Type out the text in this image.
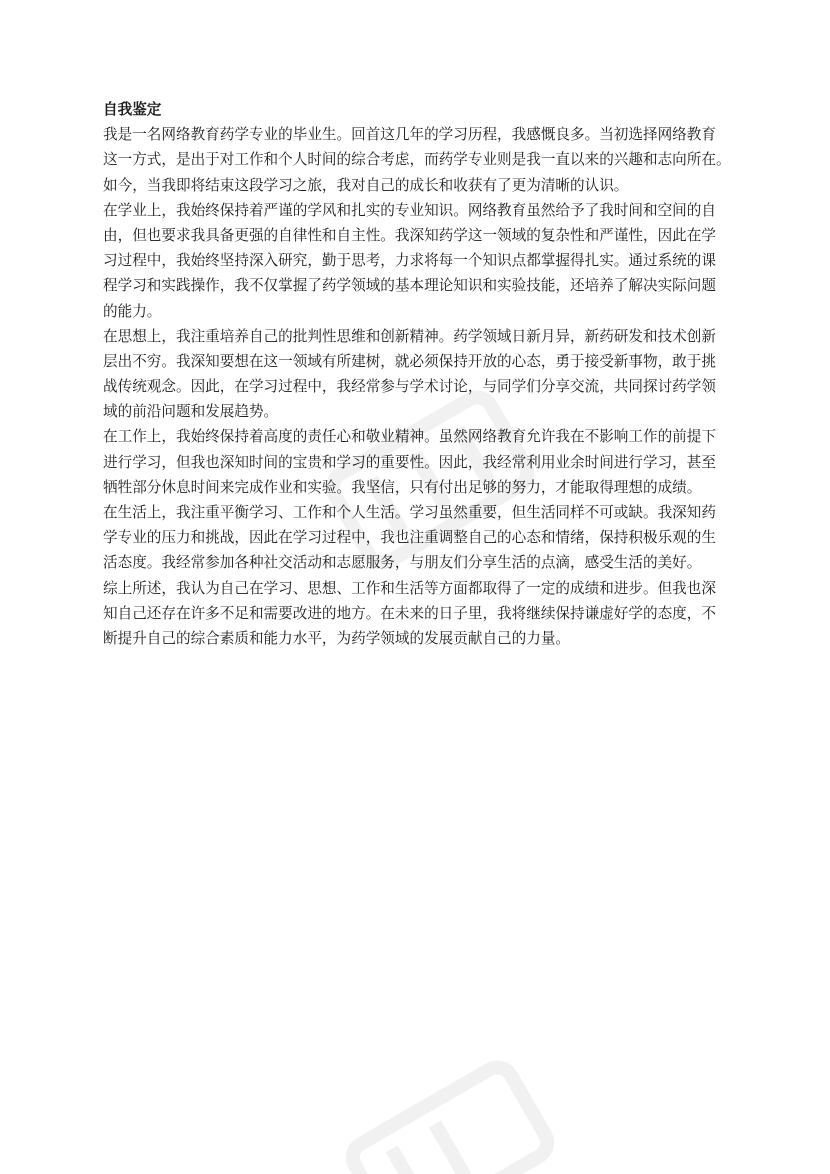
自我鉴定
我是一名网络教育药学专业的毕业生。回首这几年的学习历程，我感慨良多。当初选择网络教育
这一方式，是出于对工作和个人时间的综合考虑，而药学专业则是我一直以来的兴趣和志向所在。
如今，当我即将结束这段学习之旅，我对自己的成长和收获有了更为清晰的认识。
在学业上，我始终保持着严谨的学风和扎实的专业知识。网络教育虽然给予了我时间和空间的自
由，但也要求我具备更强的自律性和自主性。我深知药学这一领域的复杂性和严谨性，因此在学
习过程中，我始终坚持深入研究，勤于思考，力求将每一个知识点都掌握得扎实。通过系统的课
程学习和实践操作，我不仅掌握了药学领域的基本理论知识和实验技能，还培养了解决实际问题
的能力。
在思想上，我注重培养自己的批判性思维和创新精神。药学领域日新月异，新药研发和技术创新
层出不穷。我深知要想在这一领域有所建树，就必须保持开放的心态，勇于接受新事物，敢于挑
战传统观念。因此，在学习过程中，我经常参与学术讨论，与同学们分享交流，共同探讨药学领
域的前沿问题和发展趋势。
在工作上，我始终保持着高度的责任心和敬业精神。虽然网络教育允许我在不影响工作的前提下
进行学习，但我也深知时间的宝贵和学习的重要性。因此，我经常利用业余时间进行学习，甚至
牺牲部分休息时间来完成作业和实验。我坚信，只有付出足够的努力，才能取得理想的成绩。
在生活上，我注重平衡学习、工作和个人生活。学习虽然重要，但生活同样不可或缺。我深知药
学专业的压力和挑战，因此在学习过程中，我也注重调整自己的心态和情绪，保持积极乐观的生
活态度。我经常参加各种社交活动和志愿服务，与朋友们分享生活的点滴，感受生活的美好。
综上所述，我认为自己在学习、思想、工作和生活等方面都取得了一定的成绩和进步。但我也深
知自己还存在许多不足和需要改进的地方。在未来的日子里，我将继续保持谦虚好学的态度，不
断提升自己的综合素质和能力水平，为药学领域的发展贡献自己的力量。
